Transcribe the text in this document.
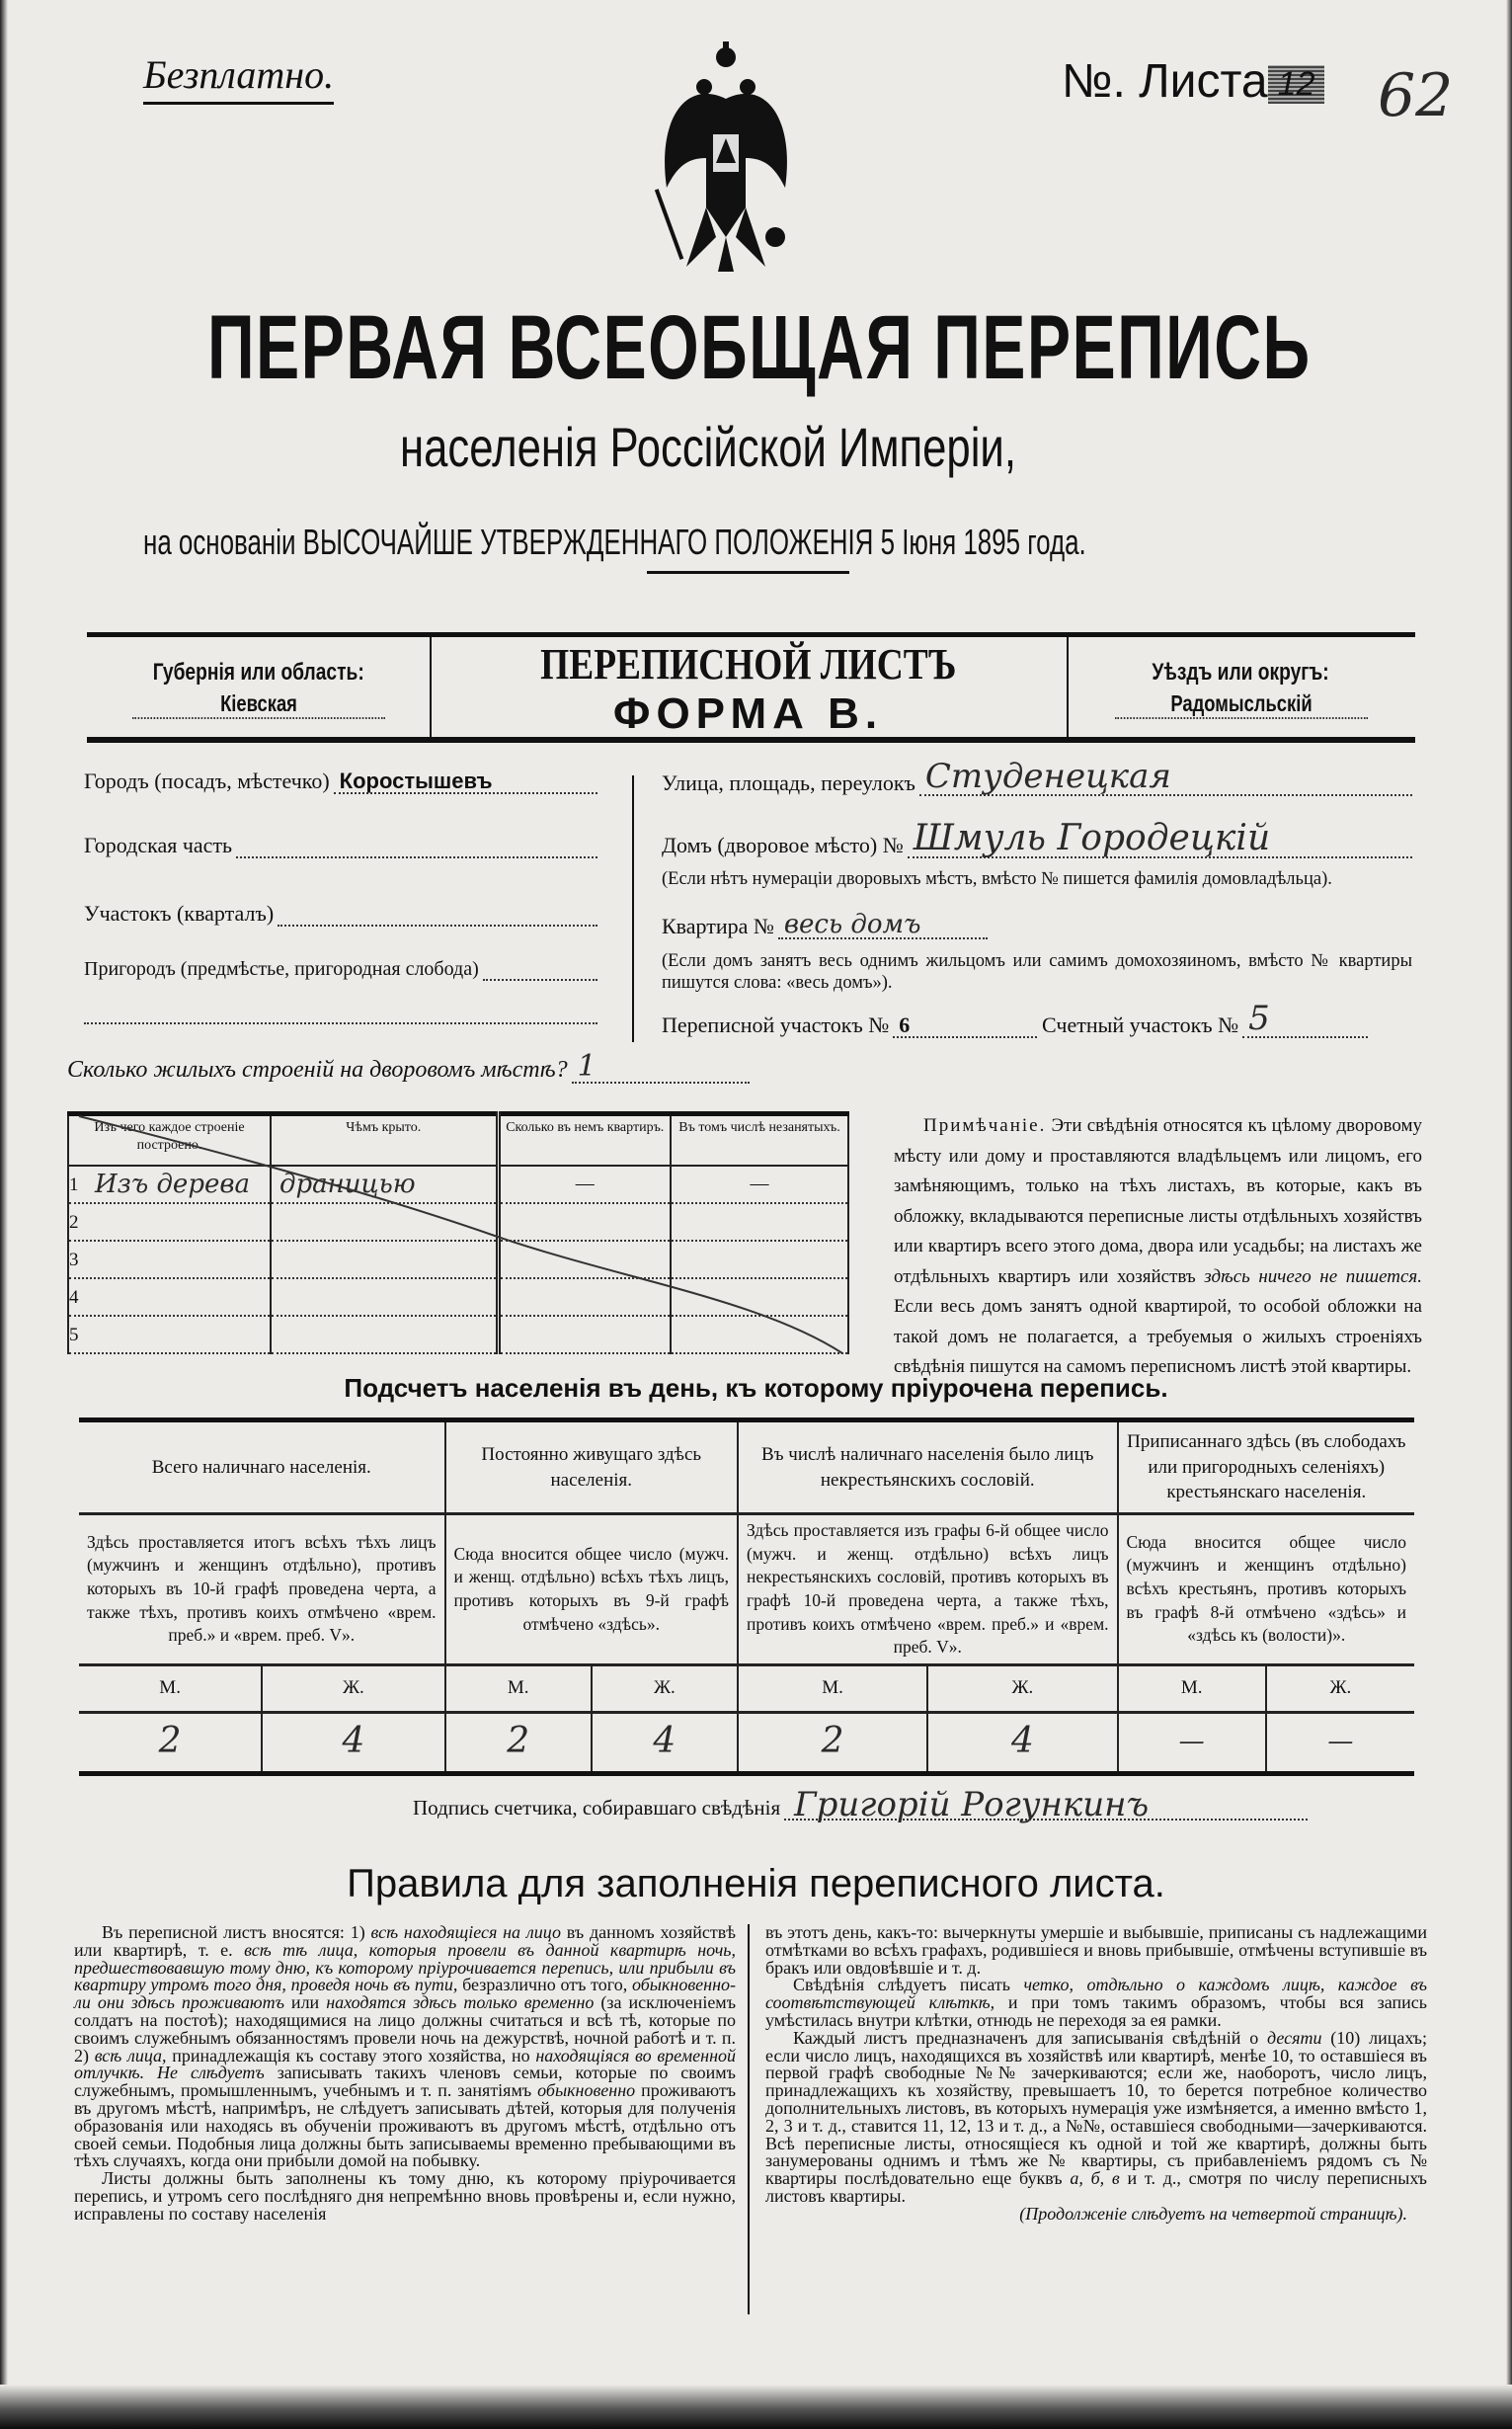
Безплатно.	№. Листа 12 62
ПЕРВАЯ ВСЕОБЩАЯ ПЕРЕПИСЬ
населенія Россійской Имперіи,
на основаніи ВЫСОЧАЙШЕ УТВЕРЖДЕННАГО ПОЛОЖЕНІЯ 5 Іюня 1895 года.
Губернія или область:
Кіевская
ПЕРЕПИСНОЙ ЛИСТЪ
ФОРМА В.
Уѣздъ или округъ:
Радомысльскій
Городъ (посадъ, мѣстечко) Коростышевъ
Городская часть
Участокъ (кварталъ)
Пригородъ (предмѣстье, пригородная слобода)
Улица, площадь, переулокъ Студенецкая
Домъ (дворовое мѣсто) № Шмуль Городецкій
(Если нѣтъ нумераціи дворовыхъ мѣстъ, вмѣсто № пишется фамилія домовладѣльца).
Квартира № весь домъ
(Если домъ занятъ весь однимъ жильцомъ или самимъ домохозяиномъ, вмѣсто № квартиры пишутся слова: «весь домъ»).
Переписной участокъ № 6	Счетный участокъ № 5
Сколько жилыхъ строеній на дворовомъ мѣстѣ? 1
Изъ чего каждое строеніе построено.	Чѣмъ крыто.	Сколько въ немъ квартиръ.	Въ томъ числѣ незанятыхъ.

1 Изъ дерева	драницью	—	—

2			

3			

4			

5			

Примѣчаніе. Эти свѣдѣнія относятся къ цѣлому дворовому мѣсту или дому и проставляются владѣльцемъ или лицомъ, его замѣняющимъ, только на тѣхъ листахъ, въ которые, какъ въ обложку, вкладываются переписные листы отдѣльныхъ хозяйствъ или квартиръ всего этого дома, двора или усадьбы; на листахъ же отдѣльныхъ квартиръ или хозяйствъ здѣсь ничего не пишется. Если весь домъ занятъ одной квартирой, то особой обложки на такой домъ не полагается, а требуемыя о жилыхъ строеніяхъ свѣдѣнія пишутся на самомъ переписномъ листѣ этой квартиры.
Подсчетъ населенія въ день, къ которому пріурочена перепись.
Всего наличнаго населенія.		Постоянно живущаго здѣсь населенія.		Въ числѣ наличнаго населенія было лицъ некрестьянскихъ сословій.		Приписаннаго здѣсь (въ слободахъ или пригородныхъ селеніяхъ) крестьянскаго населенія.	
Здѣсь проставляется итогъ всѣхъ тѣхъ лицъ (мужчинъ и женщинъ отдѣльно), противъ которыхъ въ 10-й графѣ проведена черта, а также тѣхъ, противъ коихъ отмѣчено «врем. преб.» и «врем. преб. V».		Сюда вносится общее число (мужч. и женщ. отдѣльно) всѣхъ тѣхъ лицъ, противъ которыхъ въ 9-й графѣ отмѣчено «здѣсь».		Здѣсь проставляется изъ графы 6-й общее число (мужч. и женщ. отдѣльно) всѣхъ лицъ некрестьянскихъ сословій, противъ которыхъ въ графѣ 10-й проведена черта, а также тѣхъ, противъ коихъ отмѣчено «врем. преб.» и «врем. преб. V».		Сюда вносится общее число (мужчинъ и женщинъ отдѣльно) всѣхъ крестьянъ, противъ которыхъ въ графѣ 8-й отмѣчено «здѣсь» и «здѣсь къ (волости)».	
М.	Ж.	М.	Ж.	М.	Ж.	М.	Ж.
2	4	2	4	2	4	—	—
Подпись счетчика, собиравшаго свѣдѣнія Григорій Рогункинъ
Правила для заполненія переписного листа.

Въ переписной листъ вносятся: 1) всѣ находящіеся на лицо въ данномъ хозяйствѣ или квартирѣ, т. е. всѣ тѣ лица, которыя провели въ данной квартирѣ ночь, предшествовавшую тому дню, къ которому пріурочивается перепись, или прибыли въ квартиру утромъ того дня, проведя ночь въ пути, безразлично отъ того, обыкновенно-ли они здѣсь проживаютъ или находятся здѣсь только временно (за исключеніемъ солдатъ на постоѣ); находящимися на лицо должны считаться и всѣ тѣ, которые по своимъ служебнымъ обязанностямъ провели ночь на дежурствѣ, ночной работѣ и т. п. 2) всѣ лица, принадлежащія къ составу этого хозяйства, но находящіяся во временной отлучкѣ. Не слѣдуетъ записывать такихъ членовъ семьи, которые по своимъ служебнымъ, промышленнымъ, учебнымъ и т. п. занятіямъ обыкновенно проживаютъ въ другомъ мѣстѣ, напримѣръ, не слѣдуетъ записывать дѣтей, которыя для полученія образованія или находясь въ обученіи проживаютъ въ другомъ мѣстѣ, отдѣльно отъ своей семьи. Подобныя лица должны быть записываемы временно пребывающими въ тѣхъ случаяхъ, когда они прибыли домой на побывку.

Листы должны быть заполнены къ тому дню, къ которому пріурочивается перепись, и утромъ сего послѣдняго дня непремѣнно вновь провѣрены и, если нужно, исправлены по составу населенія

въ этотъ день, какъ-то: вычеркнуты умершіе и выбывшіе, приписаны съ надлежащими отмѣтками во всѣхъ графахъ, родившіеся и вновь прибывшіе, отмѣчены вступившіе въ бракъ или овдовѣвшіе и т. д.

Свѣдѣнія слѣдуетъ писать четко, отдѣльно о каждомъ лицѣ, каждое въ соотвѣтствующей клѣткѣ, и при томъ такимъ образомъ, чтобы вся запись умѣстилась внутри клѣтки, отнюдь не переходя за ея рамки.

Каждый листъ предназначенъ для записыванія свѣдѣній о десяти (10) лицахъ; если число лицъ, находящихся въ хозяйствѣ или квартирѣ, менѣе 10, то оставшіеся въ первой графѣ свободные №№ зачеркиваются; если же, наоборотъ, число лицъ, принадлежащихъ къ хозяйству, превышаетъ 10, то берется потребное количество дополнительныхъ листовъ, въ которыхъ нумерація уже измѣняется, а именно вмѣсто 1, 2, 3 и т. д., ставится 11, 12, 13 и т. д., а №№, оставшіеся свободными—зачеркиваются. Всѣ переписные листы, относящіеся къ одной и той же квартирѣ, должны быть занумерованы однимъ и тѣмъ же № квартиры, съ прибавленіемъ рядомъ съ № квартиры послѣдовательно еще буквъ а, б, в и т. д., смотря по числу переписныхъ листовъ квартиры.

(Продолженіе слѣдуетъ на четвертой страницѣ).
